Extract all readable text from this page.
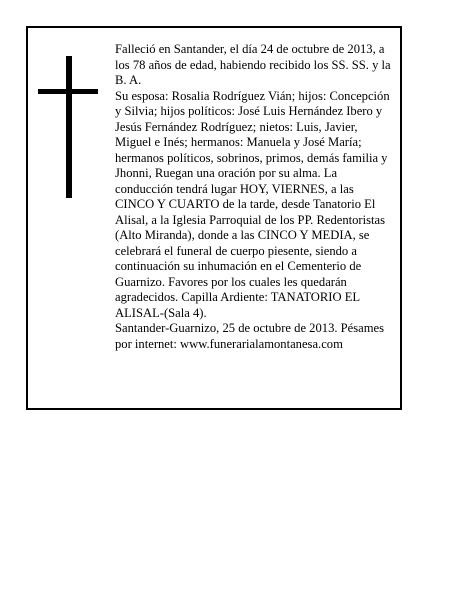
Falleció en Santander, el día 24 de octubre de 2013, a los 78 años de edad, habiendo recibido los SS. SS. y la B. A.

Su esposa: Rosalia Rodríguez Vián; hijos: Concepción y Silvia; hijos políticos: José Luis Hernández Ibero y Jesús Fernández Rodríguez; nietos: Luis, Javier, Miguel e Inés; hermanos: Manuela y José María; hermanos políticos, sobrinos, primos, demás familia y Jhonni, Ruegan una oración por su alma. La conducción tendrá lugar HOY, VIERNES, a las CINCO Y CUARTO de la tarde, desde Tanatorio El Alisal, a la Iglesia Parroquial de los PP. Redentoristas (Alto Miranda), donde a las CINCO Y MEDIA, se celebrará el funeral de cuerpo piesente, siendo a continuación su inhumación en el Cementerio de Guarnizo. Favores por los cuales les quedarán agradecidos. Capilla Ardiente: TANATORIO EL ALISAL-(Sala 4).

Santander-Guarnizo, 25 de octubre de 2013. Pésames por internet: www.funerarialamontanesa.com
